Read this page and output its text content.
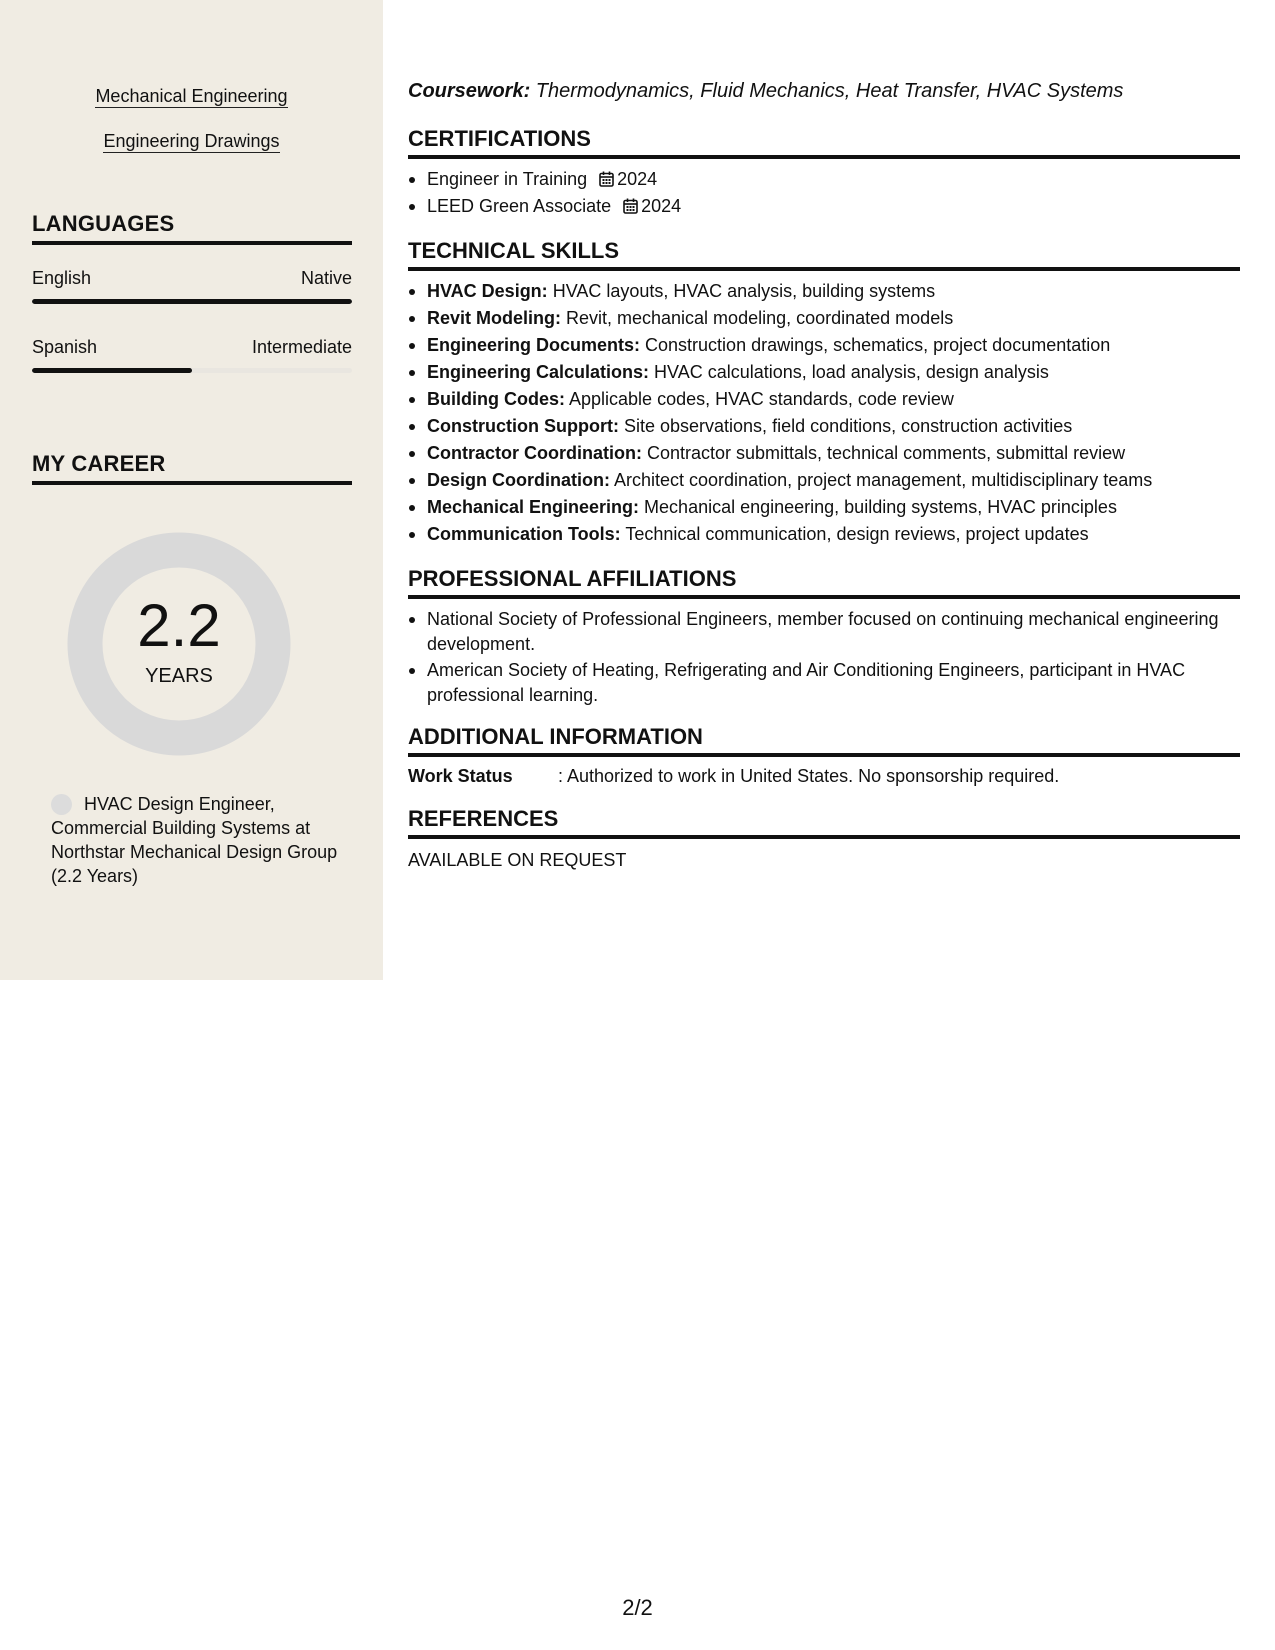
Mechanical Engineering
Engineering Drawings
LANGUAGES
English	Native
Spanish	Intermediate
MY CAREER
2.2
YEARS
HVAC Design Engineer, Commercial Building Systems at Northstar Mechanical Design Group (2.2 Years)
Coursework: Thermodynamics, Fluid Mechanics, Heat Transfer, HVAC Systems
CERTIFICATIONS
Engineer in Training 2024
LEED Green Associate 2024
TECHNICAL SKILLS
HVAC Design: HVAC layouts, HVAC analysis, building systems
Revit Modeling: Revit, mechanical modeling, coordinated models
Engineering Documents: Construction drawings, schematics, project documentation
Engineering Calculations: HVAC calculations, load analysis, design analysis
Building Codes: Applicable codes, HVAC standards, code review
Construction Support: Site observations, field conditions, construction activities
Contractor Coordination: Contractor submittals, technical comments, submittal review
Design Coordination: Architect coordination, project management, multidisciplinary teams
Mechanical Engineering: Mechanical engineering, building systems, HVAC principles
Communication Tools: Technical communication, design reviews, project updates
PROFESSIONAL AFFILIATIONS
National Society of Professional Engineers, member focused on continuing mechanical engineering development.
American Society of Heating, Refrigerating and Air Conditioning Engineers, participant in HVAC professional learning.
ADDITIONAL INFORMATION
Work Status	: Authorized to work in United States. No sponsorship required.
REFERENCES
AVAILABLE ON REQUEST
2/2
